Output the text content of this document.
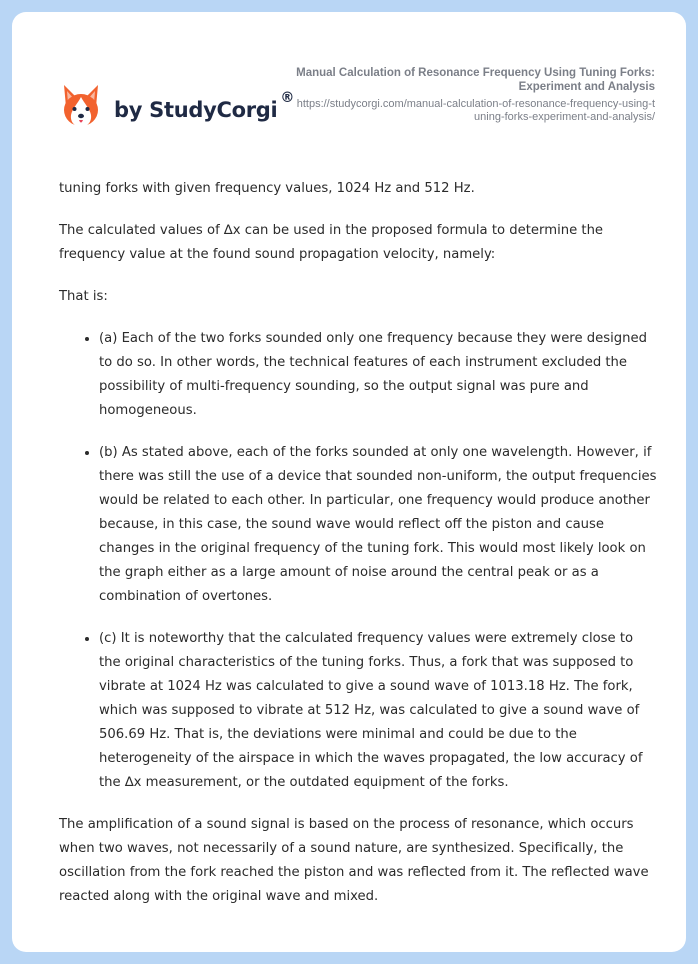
by StudyCorgi ®
Manual Calculation of Resonance Frequency Using Tuning Forks: Experiment and Analysis
https://studycorgi.com/manual-calculation-of-resonance-frequency-using-tuning-forks-experiment-and-analysis/

tuning forks with given frequency values, 1024 Hz and 512 Hz.

The calculated values of ∆x can be used in the proposed formula to determine the frequency value at the found sound propagation velocity, namely:

That is:

• (a) Each of the two forks sounded only one frequency because they were designed to do so. In other words, the technical features of each instrument excluded the possibility of multi-frequency sounding, so the output signal was pure and homogeneous.
• (b) As stated above, each of the forks sounded at only one wavelength. However, if there was still the use of a device that sounded non-uniform, the output frequencies would be related to each other. In particular, one frequency would produce another because, in this case, the sound wave would reflect off the piston and cause changes in the original frequency of the tuning fork. This would most likely look on the graph either as a large amount of noise around the central peak or as a combination of overtones.
• (c) It is noteworthy that the calculated frequency values were extremely close to the original characteristics of the tuning forks. Thus, a fork that was supposed to vibrate at 1024 Hz was calculated to give a sound wave of 1013.18 Hz. The fork, which was supposed to vibrate at 512 Hz, was calculated to give a sound wave of 506.69 Hz. That is, the deviations were minimal and could be due to the heterogeneity of the airspace in which the waves propagated, the low accuracy of the ∆x measurement, or the outdated equipment of the forks.

The amplification of a sound signal is based on the process of resonance, which occurs when two waves, not necessarily of a sound nature, are synthesized. Specifically, the oscillation from the fork reached the piston and was reflected from it. The reflected wave reacted along with the original wave and mixed.
